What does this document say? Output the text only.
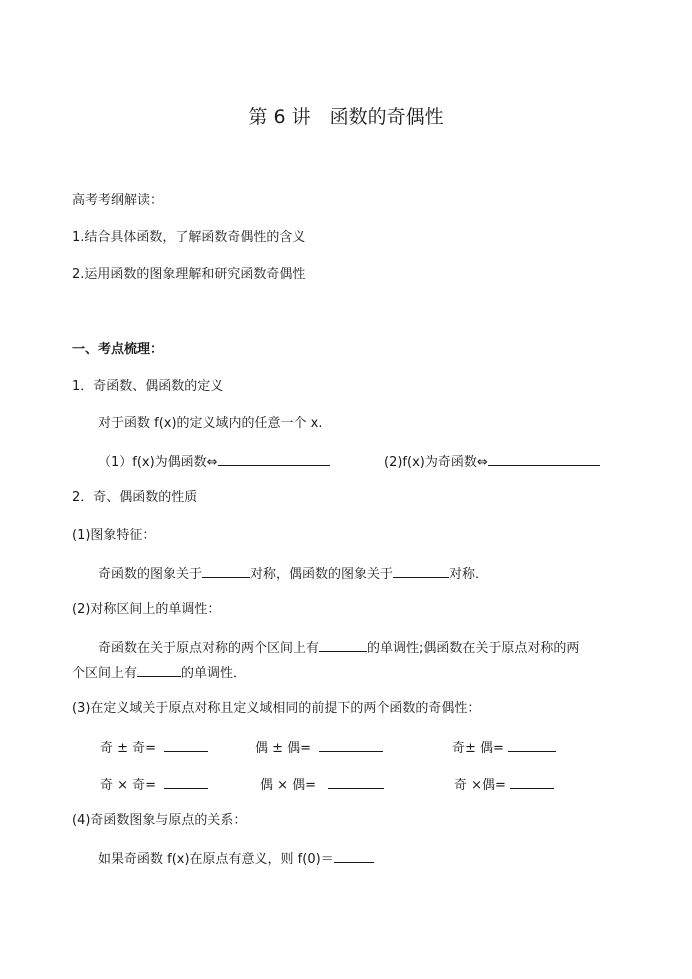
第 6 讲　函数的奇偶性
高考考纲解读：
1.结合具体函数，了解函数奇偶性的含义
2.运用函数的图象理解和研究函数奇偶性
一、考点梳理：
1．奇函数、偶函数的定义
对于函数 f(x)的定义域内的任意一个 x.
（1）f(x)为偶函数⇔	(2)f(x)为奇函数⇔
2．奇、偶函数的性质
(1)图象特征：
奇函数的图象关于	对称，偶函数的图象关于	对称．
(2)对称区间上的单调性：
奇函数在关于原点对称的两个区间上有	的单调性;偶函数在关于原点对称的两
个区间上有	的单调性．
(3)在定义域关于原点对称且定义域相同的前提下的两个函数的奇偶性：
奇 ± 奇=	偶 ± 偶=	奇± 偶=
奇 × 奇=	偶 × 偶=	奇 ×偶=
(4)奇函数图象与原点的关系：
如果奇函数 f(x)在原点有意义，则 f(0)＝
